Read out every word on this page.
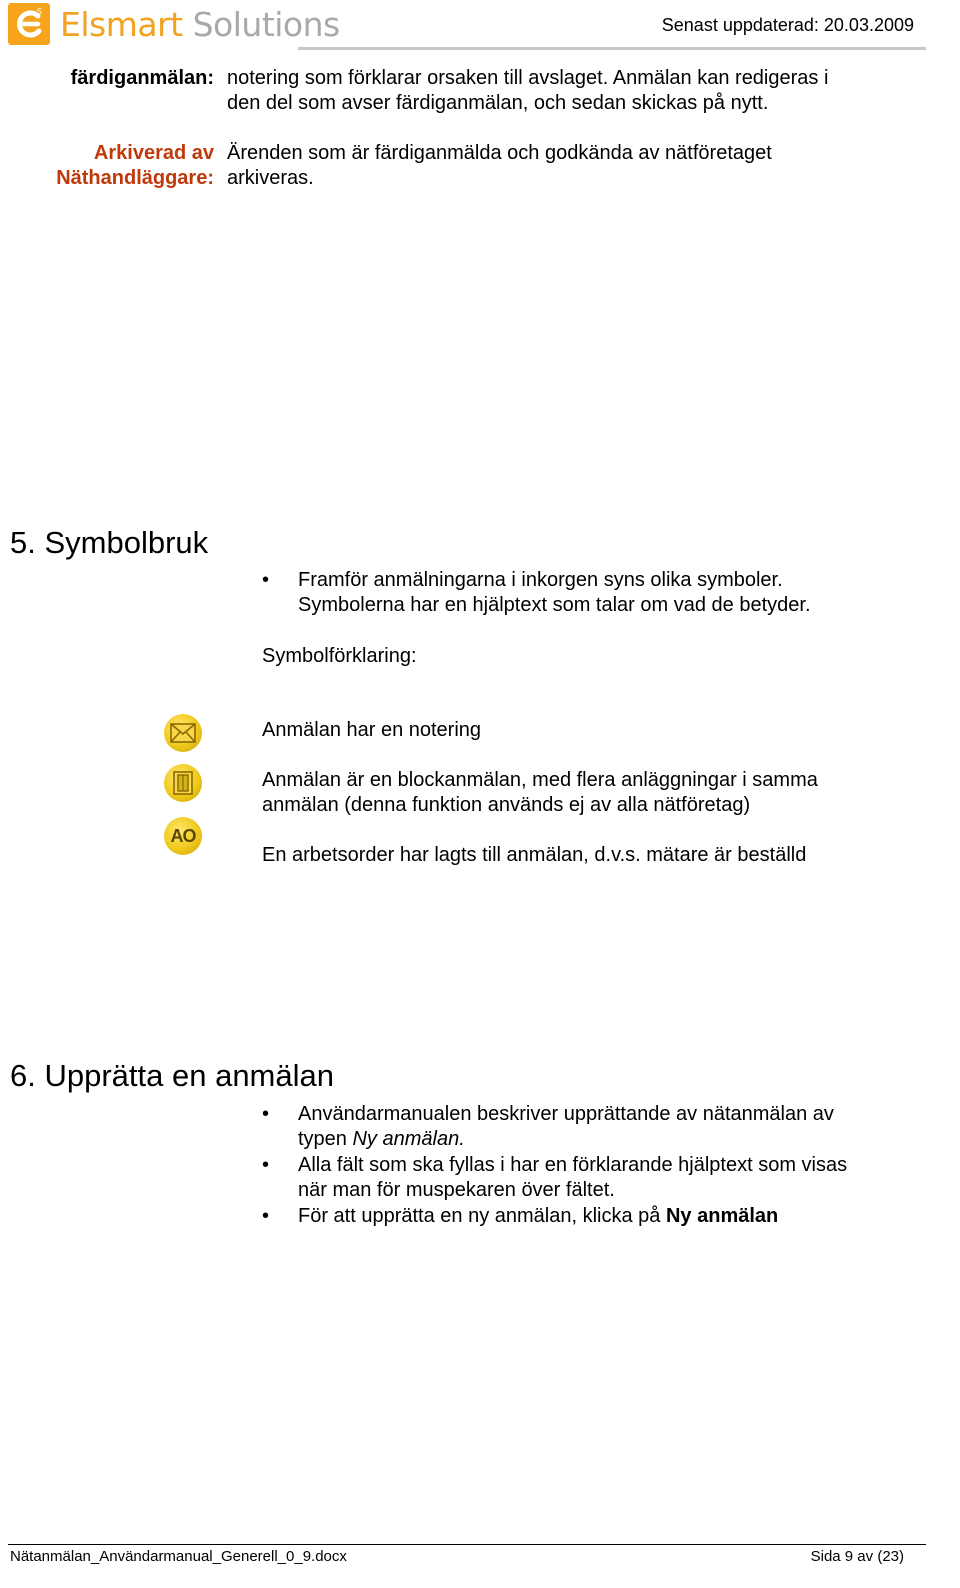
S Elsmart Solutions	Senast uppdaterad: 20.03.2009
färdiganmälan: notering som förklarar orsaken till avslaget. Anmälan kan redigeras i
den del som avser färdiganmälan, och sedan skickas på nytt.
Arkiverad av
Näthandläggare:
Ärenden som är färdiganmälda och godkända av nätföretaget
arkiveras.
5. Symbolbruk
• Framför anmälningarna i inkorgen syns olika symboler.
Symbolerna har en hjälptext som talar om vad de betyder.
Symbolförklaring:
AO
Anmälan har en notering
Anmälan är en blockanmälan, med flera anläggningar i samma
anmälan (denna funktion används ej av alla nätföretag)
En arbetsorder har lagts till anmälan, d.v.s. mätare är beställd
6. Upprätta en anmälan
• Användarmanualen beskriver upprättande av nätanmälan av
typen Ny anmälan.
• Alla fält som ska fyllas i har en förklarande hjälptext som visas
när man för muspekaren över fältet.
• För att upprätta en ny anmälan, klicka på Ny anmälan
Nätanmälan_Användarmanual_Generell_0_9.docx	Sida 9 av (23)
